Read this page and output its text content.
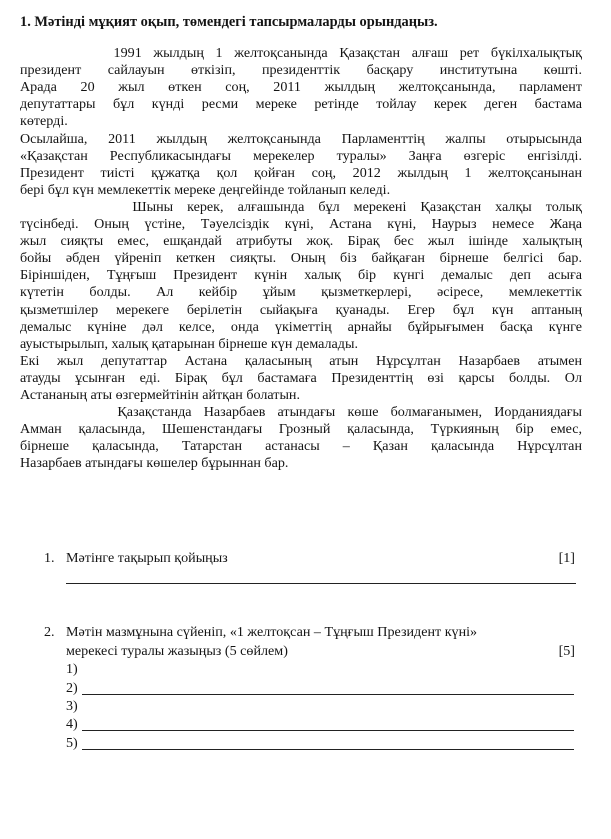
1. Мәтінді мұқият оқып, төмендегі тапсырмаларды орындаңыз.
1991 жылдың 1 желтоқсанында Қазақстан алғаш рет бүкілхалықтық
президент сайлауын өткізіп, президенттік басқару институтына көшті.
Арада 20 жыл өткен соң, 2011 жылдың желтоқсанында, парламент
депутаттары бұл күнді ресми мереке ретінде тойлау керек деген бастама
көтерді.
Осылайша, 2011 жылдың желтоқсанында Парламенттің жалпы отырысында
«Қазақстан Республикасындағы мерекелер туралы» Заңға өзгеріс енгізілді.
Президент тиісті құжатқа қол қойған соң, 2012 жылдың 1 желтоқсанынан
бері бұл күн мемлекеттік мереке деңгейінде тойланып келеді.
Шыны керек, алғашында бұл мерекені Қазақстан халқы толық
түсінбеді. Оның үстіне, Тәуелсіздік күні, Астана күні, Наурыз немесе Жаңа
жыл сияқты емес, ешқандай атрибуты жоқ. Бірақ бес жыл ішінде халықтың
бойы әбден үйреніп кеткен сияқты. Оның біз байқаған бірнеше белгісі бар.
Біріншіден, Тұңғыш Президент күнін халық бір күнгі демалыс деп асыға
күтетін болды. Ал кейбір ұйым қызметкерлері, әсіресе, мемлекеттік
қызметшілер мерекеге берілетін сыйақыға қуанады. Егер бұл күн аптаның
демалыс күніне дәл келсе, онда үкіметтің арнайы бұйрығымен басқа күнге
ауыстырылып, халық қатарынан бірнеше күн демалады.
Екі жыл депутаттар Астана қаласының атын Нұрсұлтан Назарбаев атымен
атауды ұсынған еді. Бірақ бұл бастамаға Президенттің өзі қарсы болды. Ол
Астананың аты өзгермейтінін айтқан болатын.
Қазақстанда Назарбаев атындағы көше болмағанымен, Иорданиядағы
Амман қаласында, Шешенстандағы Грозный қаласында, Түркияның бір емес,
бірнеше қаласында, Татарстан астанасы – Қазан қаласында Нұрсұлтан
Назарбаев атындағы көшелер бұрыннан бар.
1. Мәтінге тақырып қойыңыз	[1]
2. Мәтін мазмұнына сүйеніп, «1 желтоқсан – Тұңғыш Президент күні»
мерекесі туралы жазыңыз (5 сөйлем)	[5]
1)
2)
3)
4)
5)
